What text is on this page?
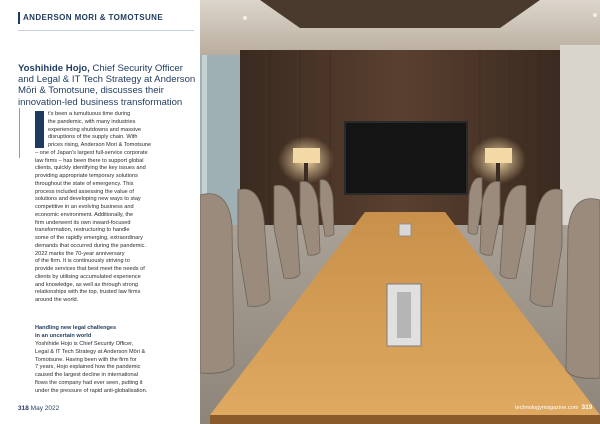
ANDERSON MORI & TOMOTSUNE
Yoshihide Hojo, Chief Security Officer
and Legal & IT Tech Strategy at Anderson
Mōri & Tomotsune, discusses their
innovation-led business transformation
t's been a tumultuous time during
the pandemic, with many industries
experiencing shutdowns and massive
disruptions of the supply chain. With
prices rising, Anderson Mori & Tomotsune
– one of Japan's largest full-service corporate
law firms – has been there to support global
clients, quickly identifying the key issues and
providing appropriate temporary solutions
throughout the state of emergency. This
process included assessing the value of
solutions and developing new ways to stay
competitive in an evolving business and
economic environment. Additionally, the
firm underwent its own inward-focused
transformation, restructuring to handle
some of the rapidly emerging, extraordinary
demands that occurred during the pandemic.
2022 marks the 70-year anniversary
of the firm. It is continuously striving to
provide services that best meet the needs of
clients by utilising accumulated experience
and knowledge, as well as through strong
relationships with the top, trusted law firms
around the world.
Handling new legal challenges
in an uncertain world
Yoshihide Hojo is Chief Security Officer,
Legal & IT Tech Strategy at Anderson Mōri &
Tomotsune. Having been with the firm for
7 years, Hojo explained how the pandemic
caused the largest decline in international
flows the company had ever seen, putting it
under the pressure of rapid anti-globalisation.
318 May 2022	technologymagazine.com 319
